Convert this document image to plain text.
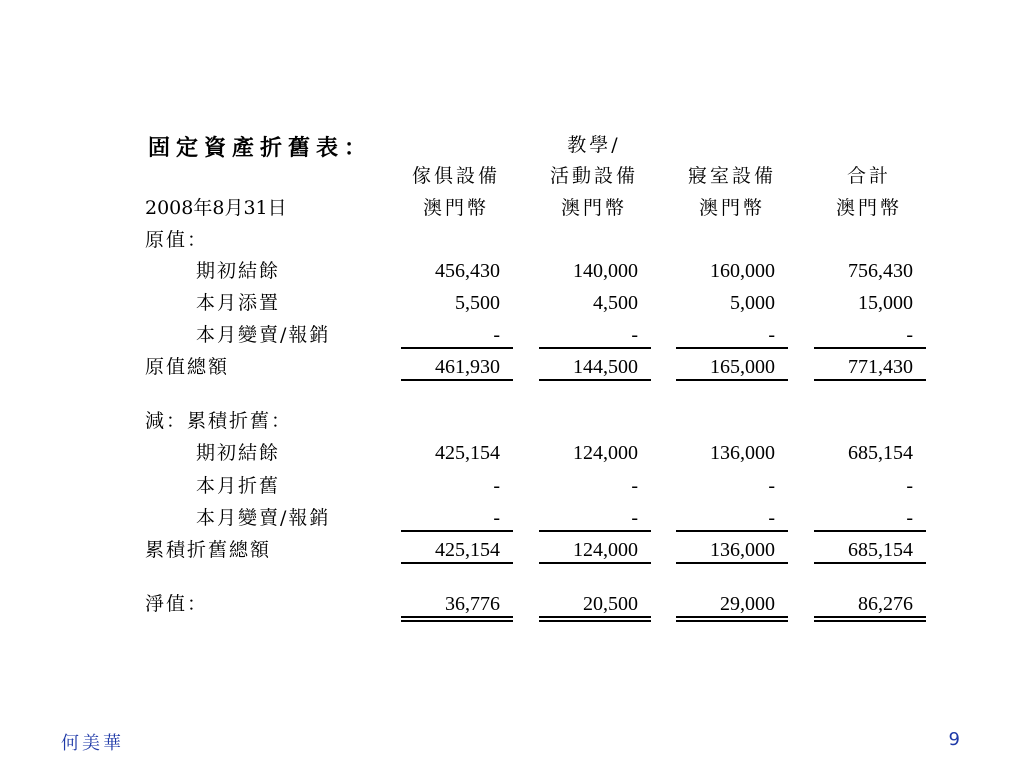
固定資產折舊表：
2008年8月31日
教學/
傢俱設備	活動設備	寢室設備	合計
澳門幣	澳門幣	澳門幣	澳門幣
原值：
期初結餘	456,430	140,000	160,000	756,430
本月添置	5,500	4,500	5,000	15,000
本月變賣/報銷	-	-	-	-
原值總額	461,930	144,500	165,000	771,430
減：累積折舊：
期初結餘	425,154	124,000	136,000	685,154
本月折舊	-	-	-	-
本月變賣/報銷	-	-	-	-
累積折舊總額	425,154	124,000	136,000	685,154
淨值：	36,776	20,500	29,000	86,276
何美華	9
